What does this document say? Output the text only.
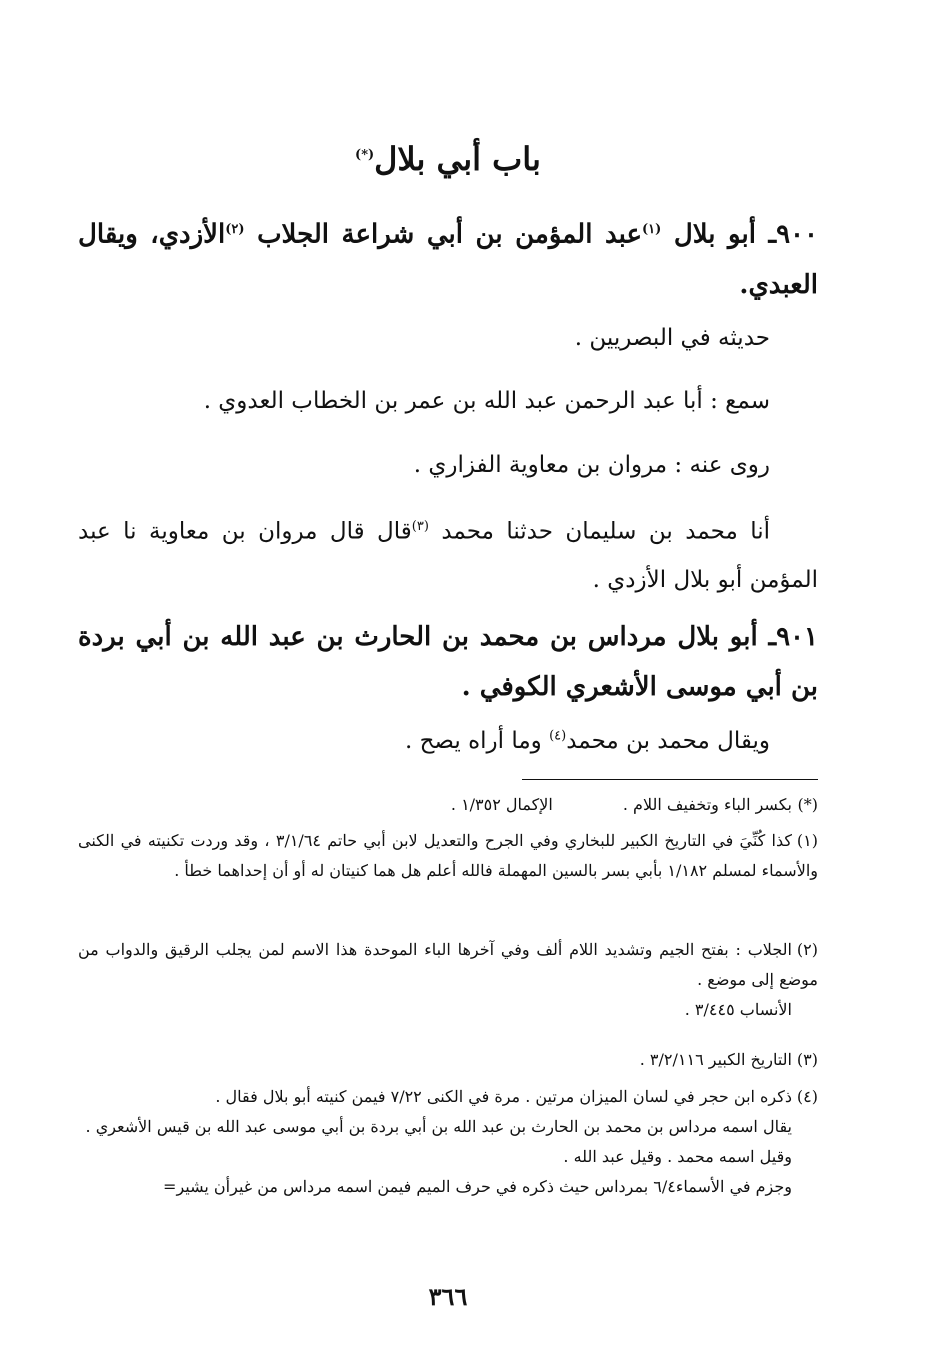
باب أبي بلال(*)
٩٠٠ـ أبو بلال $^{(١)}$عبد المؤمن بن أبي شراعة الجلاب $^{(٢)}$الأزدي، ويقال العبدي.
حديثه في البصريين .
سمع : أبا عبد الرحمن عبد الله بن عمر بن الخطاب العدوي .
روى عنه : مروان بن معاوية الفزاري .
أنا محمد بن سليمان حدثنا محمد $^{(٣)}$قال قال مروان بن معاوية نا عبد المؤمن أبو بلال الأزدي .
٩٠١ـ أبو بلال مرداس بن محمد بن الحارث بن عبد الله بن أبي بردة بن أبي موسى الأشعري الكوفي .
ويقال محمد بن محمد$^{(٤)}$ وما أراه يصح .
(*)بكسر الباء وتخفيف اللام .الإكمال ١/٣٥٢ .
(١)كذا كُنِّيَ في التاريخ الكبير للبخاري وفي الجرح والتعديل لابن أبي حاتم ٣/١/٦٤ ، وقد وردت تكنيته في الكنى والأسماء لمسلم ١/١٨٢ بأبي بسر بالسين المهملة فالله أعلم هل هما كنيتان له أو أن إحداهما خطأ .
(٢)الجلاب : بفتح الجيم وتشديد اللام ألف وفي آخرها الباء الموحدة هذا الاسم لمن يجلب الرقيق والدواب من موضع إلى موضع .
الأنساب ٣/٤٤٥ .
(٣)التاريخ الكبير ٣/٢/١١٦ .
(٤)ذكره ابن حجر في لسان الميزان مرتين . مرة في الكنى ٧/٢٢ فيمن كنيته أبو بلال فقال .
يقال اسمه مرداس بن محمد بن الحارث بن عبد الله بن أبي بردة بن أبي موسى عبد الله بن قيس الأشعري .
وقيل اسمه محمد . وقيل عبد الله .
وجزم في الأسماء٦/٤ بمرداس حيث ذكره في حرف الميم فيمن اسمه مرداس من غيرأن يشير=
٣٦٦
